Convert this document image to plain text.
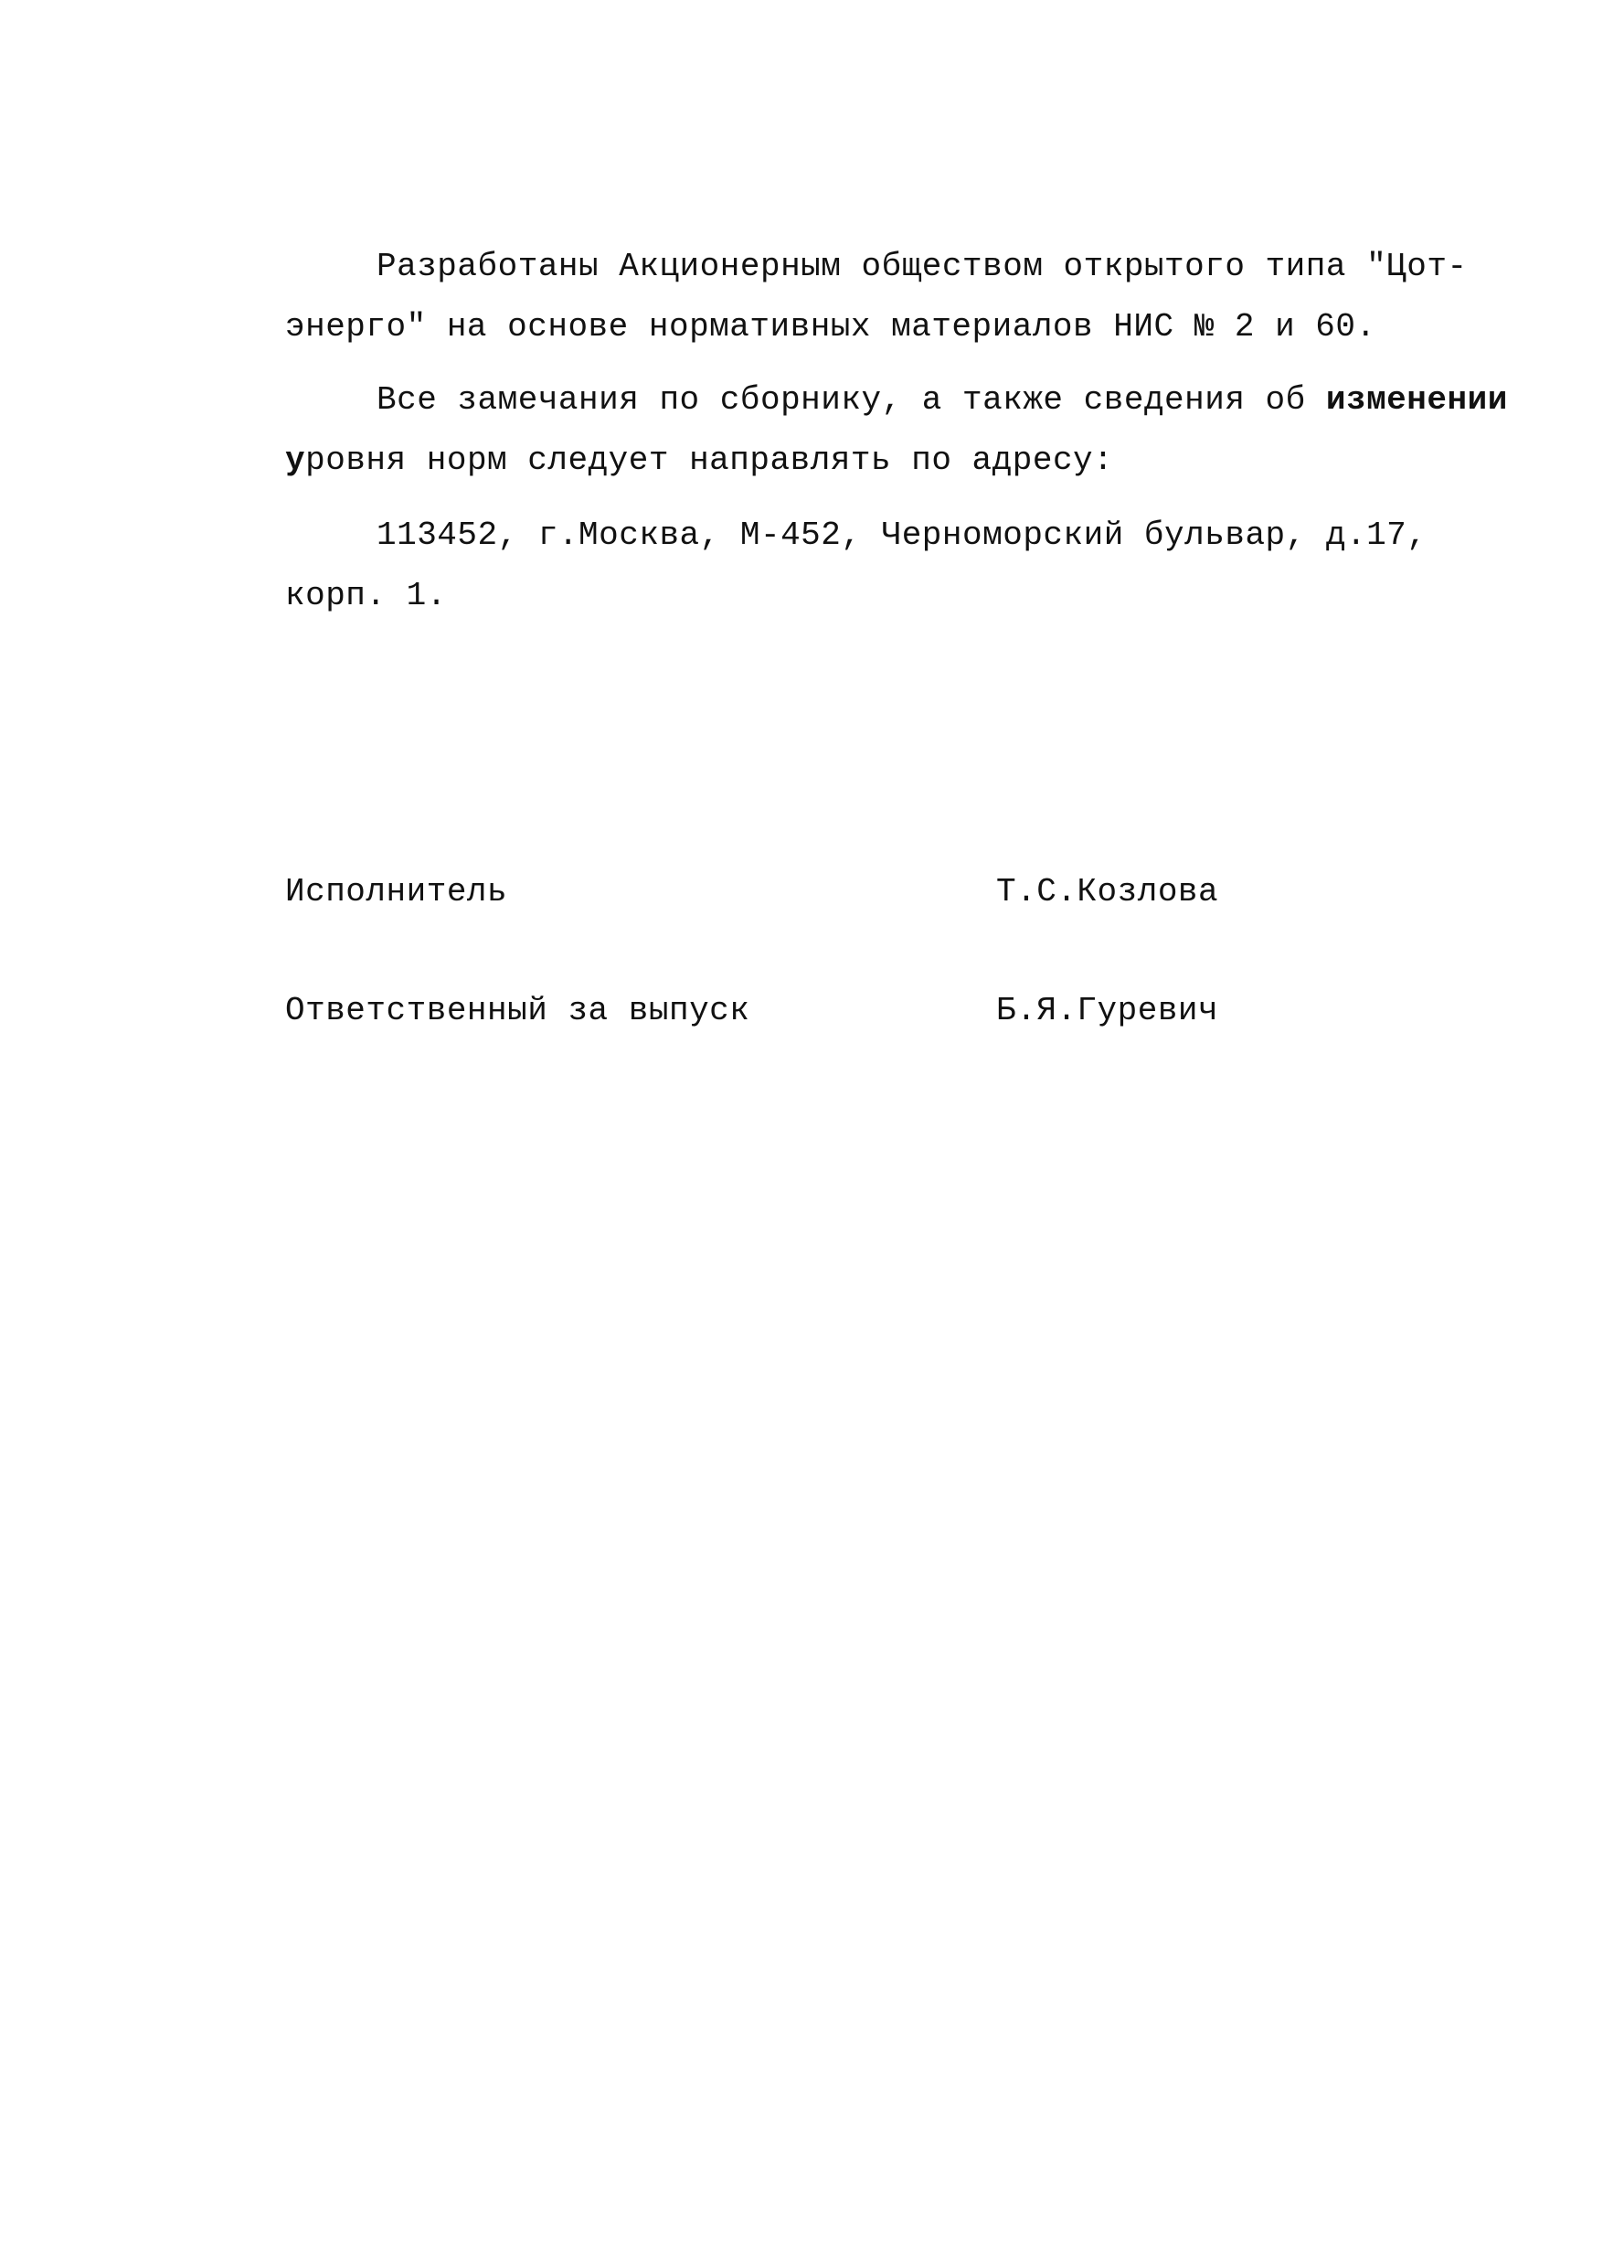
Разработаны Акционерным обществом открытого типа "Цот-
энерго" на основе нормативных материалов НИС № 2 и 60.
Все замечания по сборнику, а также сведения об изменении
уровня норм следует направлять по адресу:
113452, г.Москва, М-452, Черноморский бульвар, д.17,
корп. 1.
Исполнитель	Т.С.Козлова
Ответственный за выпуск	Б.Я.Гуревич
